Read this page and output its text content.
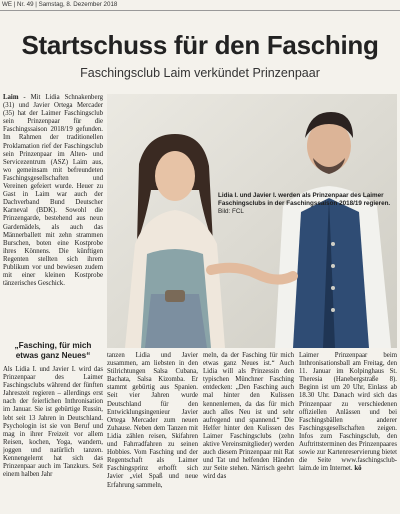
WE | Nr. 49 | Samstag, 8. Dezember 2018
Startschuss für den Fasching
Faschingsclub Laim verkündet Prinzenpaar
Laim - Mit Lidia Schnakenberg (31) und Javier Ortega Mercader (35) hat der Laimer Faschingsclub sein Prinzenpaar für die Faschingssaison 2018/19 gefunden. Im Rahmen der traditionellen Proklamation rief der Faschingsclub sein Prinzenpaar im Alten- und Servicezentrum (ASZ) Laim aus, wo gemeinsam mit befreundeten Faschingsgesellschaften und Vereinen gefeiert wurde. Heuer zu Gast in Laim war auch der Dachverband Bund Deutscher Karneval (BDK). Sowohl die Prinzengarde, bestehend aus neun Gardemädels, als auch das Männerballett mit zehn strammen Burschen, boten eine Kostprobe ihres Könnens. Die künftigen Regenten stellten sich ihrem Publikum vor und bewiesen zudem mit einer kleinen Kostprobe tänzerisches Geschick.
Lidia I. und Javier I. werden als Prinzenpaar des Laimer Faschingsclubs in der Faschingssaison 2018/19 regieren. Bild: FCL
„Fasching, für mich etwas ganz Neues“
Als Lidia I. und Javier I. wird das Prinzenpaar des Laimer Faschingsclubs während der fünften Jahreszeit regieren – allerdings erst nach der feierlichen Inthronisation im Januar. Sie ist gebürtige Russin, lebt seit 13 Jahren in Deutschland. Psychologin ist sie von Beruf und mag in ihrer Freizeit vor allem Reisen, kochen, Yoga, wandern, joggen und natürlich tanzen. Kennengelernt hat sich das Prinzenpaar auch im Tanzkurs. Seit einem halben Jahr
tanzen Lidia und Javier zusammen, am liebsten in den Stilrichtungen Salsa Cubana, Bachata, Salsa Kizomba. Er stammt gebürtig aus Spanien. Seit vier Jahren wurde Deutschland für den Entwicklungsingenieur Javier Ortega Mercader zum neuen Zuhause. Neben dem Tanzen mit Lidia zählen reisen, Skifahren und Fahrradfahren zu seinen Hobbies. Vom Fasching und der Regentschaft als Laimer Faschingsprinz erhofft sich Javier „viel Spaß und neue Erfahrung sammeln,
meln, da der Fasching für mich etwas ganz Neues ist.“ Auch Lidia will als Prinzessin den typischen Münchner Fasching entdecken: „Den Fasching auch mal hinter den Kulissen kennenlernen, da das für mich auch alles Neu ist und sehr aufregend und spannend.“ Die Helfer hinter den Kulissen des Laimer Faschingsclubs (zehn aktive Vereinsmitglieder) werden auch diesem Prinzenpaar mit Rat und Tat und helfenden Händen zur Seite stehen. Närrisch geehrt wird das
Laimer Prinzenpaar beim Inthronisationsball am Freitag, den 11. Januar im Kolpinghaus St. Theresia (Hanebergstraße 8). Beginn ist um 20 Uhr, Einlass ab 18.30 Uhr. Danach wird sich das Prinzenpaar zu verschiedenen offiziellen Anlässen und bei Faschingsbällen anderer Faschingsgesellschaften zeigen. Infos zum Faschingsclub, den Auftrittsterminen des Prinzenpaares sowie zur Kartenreservierung bietet die Seite www.faschingsclub-laim.de im Internet. kö
